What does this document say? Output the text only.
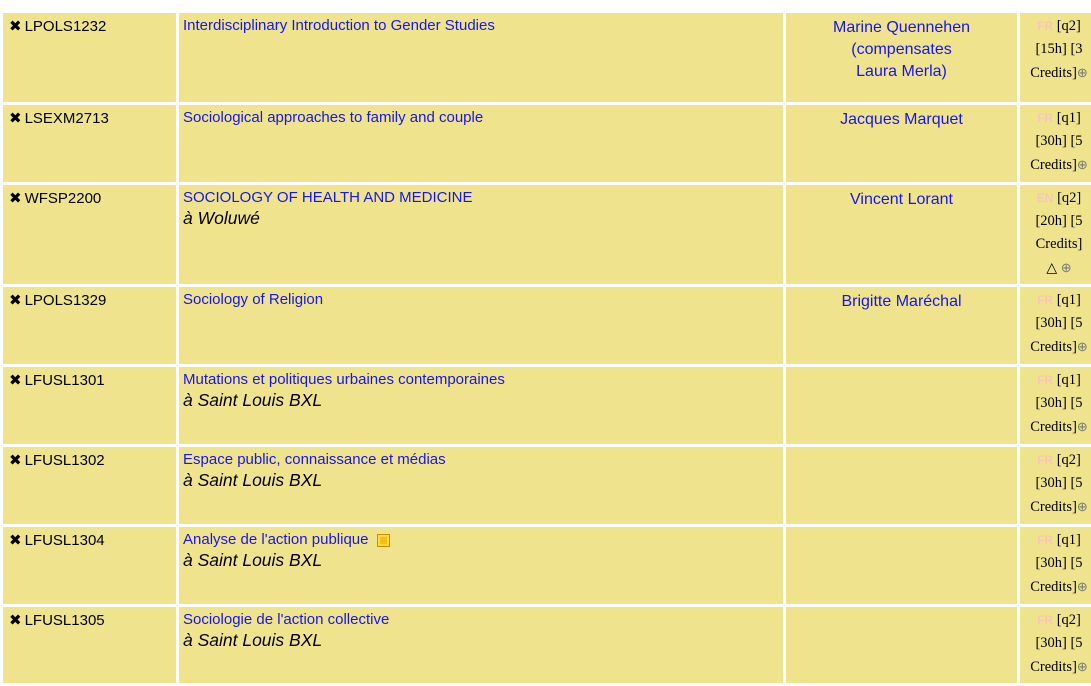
✖ LPOLS1232	Interdisciplinary Introduction to Gender Studies	Marine Quennehen
(compensates
Laura Merla)	FR [q2]
[15h] [3
Credits]⊕
✖ LSEXM2713	Sociological approaches to family and couple	Jacques Marquet	FR [q1]
[30h] [5
Credits]⊕
✖ WFSP2200	SOCIOLOGY OF HEALTH AND MEDICINE
à Woluwé	Vincent Lorant	EN [q2]
[20h] [5
Credits]
△ ⊕
✖ LPOLS1329	Sociology of Religion	Brigitte Maréchal	FR [q1]
[30h] [5
Credits]⊕
✖ LFUSL1301	Mutations et politiques urbaines contemporaines
à Saint Louis BXL		FR [q1]
[30h] [5
Credits]⊕
✖ LFUSL1302	Espace public, connaissance et médias
à Saint Louis BXL		FR [q2]
[30h] [5
Credits]⊕
✖ LFUSL1304	Analyse de l'action publique
à Saint Louis BXL		FR [q1]
[30h] [5
Credits]⊕
✖ LFUSL1305	Sociologie de l'action collective
à Saint Louis BXL		FR [q2]
[30h] [5
Credits]⊕
